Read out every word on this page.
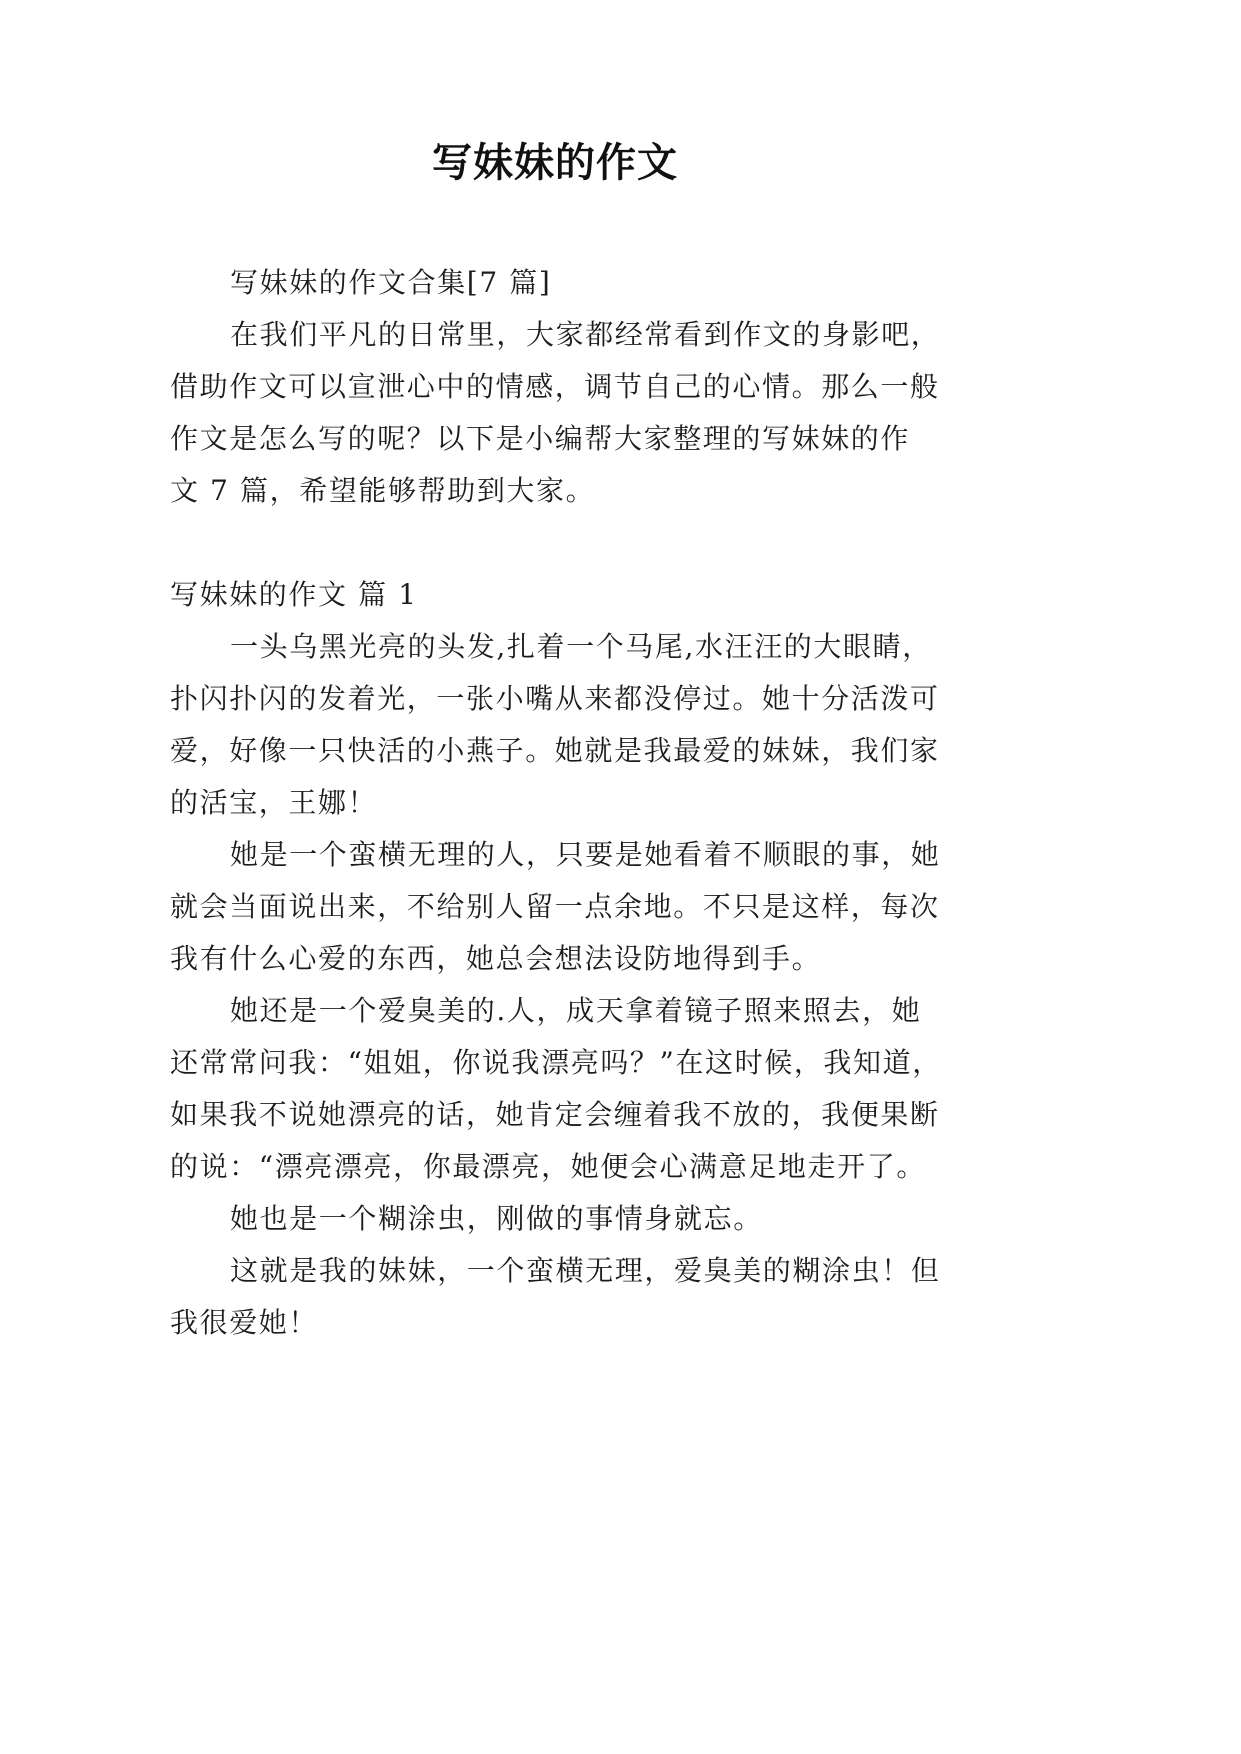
写妹妹的作文
写妹妹的作文合集[7 篇]
在我们平凡的日常里，大家都经常看到作文的身影吧，
借助作文可以宣泄心中的情感，调节自己的心情。那么一般
作文是怎么写的呢？以下是小编帮大家整理的写妹妹的作
文 7 篇，希望能够帮助到大家。
写妹妹的作文 篇 1
一头乌黑光亮的头发,扎着一个马尾,水汪汪的大眼睛，
扑闪扑闪的发着光，一张小嘴从来都没停过。她十分活泼可
爱，好像一只快活的小燕子。她就是我最爱的妹妹，我们家
的活宝，王娜！
她是一个蛮横无理的人，只要是她看着不顺眼的事，她
就会当面说出来，不给别人留一点余地。不只是这样，每次
我有什么心爱的东西，她总会想法设防地得到手。
她还是一个爱臭美的.人，成天拿着镜子照来照去，她
还常常问我：“姐姐，你说我漂亮吗？”在这时候，我知道，
如果我不说她漂亮的话，她肯定会缠着我不放的，我便果断
的说：“漂亮漂亮，你最漂亮，她便会心满意足地走开了。
她也是一个糊涂虫，刚做的事情身就忘。
这就是我的妹妹，一个蛮横无理，爱臭美的糊涂虫！但
我很爱她！
